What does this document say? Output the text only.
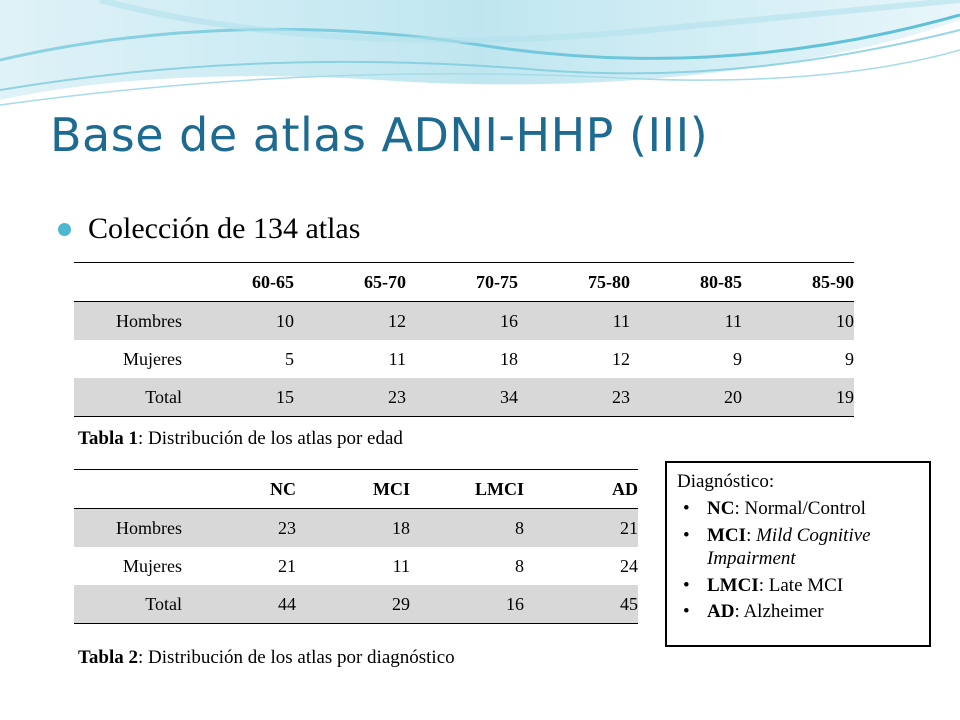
Base de atlas ADNI-HHP (III)
Colección de 134 atlas
	60-65	65-70	70-75	75-80	80-85	85-90
Hombres	10	12	16	11	11	10
Mujeres	5	11	18	12	9	9
Total	15	23	34	23	20	19
Tabla 1: Distribución de los atlas por edad
	NC	MCI	LMCI	AD
Hombres	23	18	8	21
Mujeres	21	11	8	24
Total	44	29	16	45
Tabla 2: Distribución de los atlas por diagnóstico
Diagnóstico:
• NC: Normal/Control
• MCI: Mild Cognitive Impairment
• LMCI: Late MCI
• AD: Alzheimer
